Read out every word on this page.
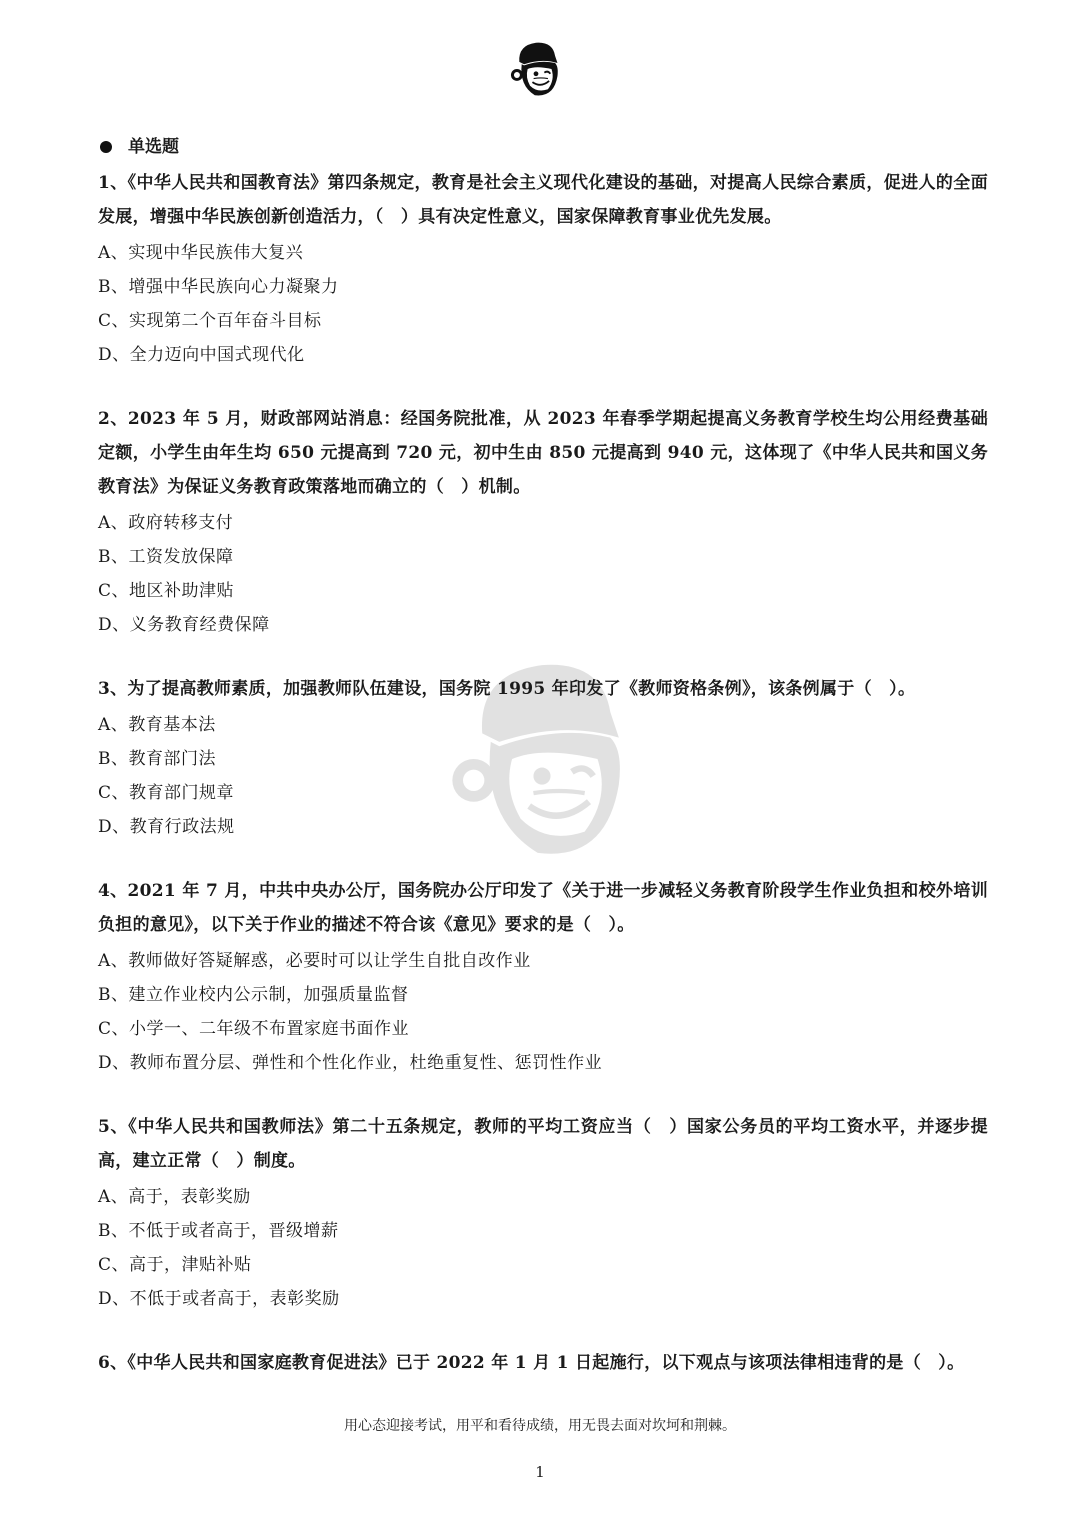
单选题
1、《中华人民共和国教育法》第四条规定，教育是社会主义现代化建设的基础，对提高人民综合素质，促进人的全面发展，增强中华民族创新创造活力，（　）具有决定性意义，国家保障教育事业优先发展。
A、实现中华民族伟大复兴
B、增强中华民族向心力凝聚力
C、实现第二个百年奋斗目标
D、全力迈向中国式现代化
2、2023 年 5 月，财政部网站消息：经国务院批准，从 2023 年春季学期起提高义务教育学校生均公用经费基础定额，小学生由年生均 650 元提高到 720 元，初中生由 850 元提高到 940 元，这体现了《中华人民共和国义务教育法》为保证义务教育政策落地而确立的（　）机制。
A、政府转移支付
B、工资发放保障
C、地区补助津贴
D、义务教育经费保障
3、为了提高教师素质，加强教师队伍建设，国务院 1995 年印发了《教师资格条例》，该条例属于（　）。
A、教育基本法
B、教育部门法
C、教育部门规章
D、教育行政法规
4、2021 年 7 月，中共中央办公厅，国务院办公厅印发了《关于进一步减轻义务教育阶段学生作业负担和校外培训负担的意见》，以下关于作业的描述不符合该《意见》要求的是（　）。
A、教师做好答疑解惑，必要时可以让学生自批自改作业
B、建立作业校内公示制，加强质量监督
C、小学一、二年级不布置家庭书面作业
D、教师布置分层、弹性和个性化作业，杜绝重复性、惩罚性作业
5、《中华人民共和国教师法》第二十五条规定，教师的平均工资应当（　）国家公务员的平均工资水平，并逐步提高，建立正常（　）制度。
A、高于，表彰奖励
B、不低于或者高于，晋级增薪
C、高于，津贴补贴
D、不低于或者高于，表彰奖励
6、《中华人民共和国家庭教育促进法》已于 2022 年 1 月 1 日起施行，以下观点与该项法律相违背的是（　）。
用心态迎接考试，用平和看待成绩，用无畏去面对坎坷和荆棘。
1
